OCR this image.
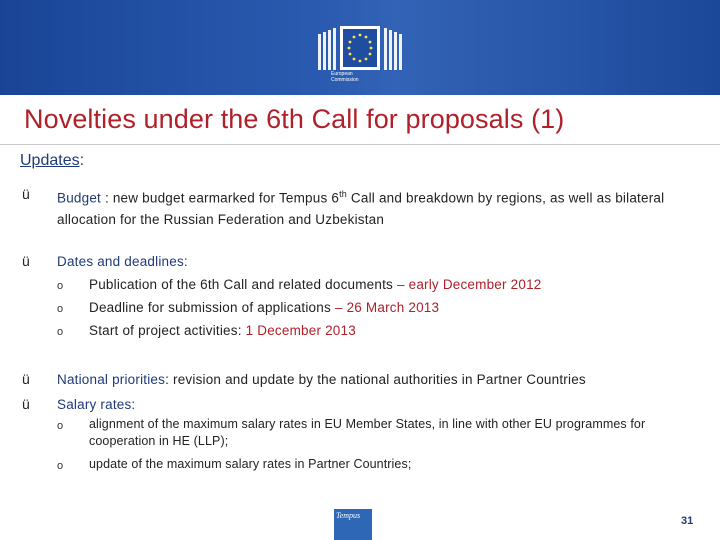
European
Commission
Novelties under the 6th Call for proposals (1)
Updates:
ü Budget : new budget earmarked for Tempus 6th Call and breakdown by regions, as well as bilateral allocation for the Russian Federation and Uzbekistan
ü Dates and deadlines:
o Publication of the 6th Call and related documents – early December 2012
o Deadline for submission of applications – 26 March 2013
o Start of project activities: 1 December 2013
ü National priorities: revision and update by the national authorities in Partner Countries
ü Salary rates:
o alignment of the maximum salary rates in EU Member States, in line with other EU programmes for cooperation in HE (LLP);
o update of the maximum salary rates in Partner Countries;
Tempus	31
